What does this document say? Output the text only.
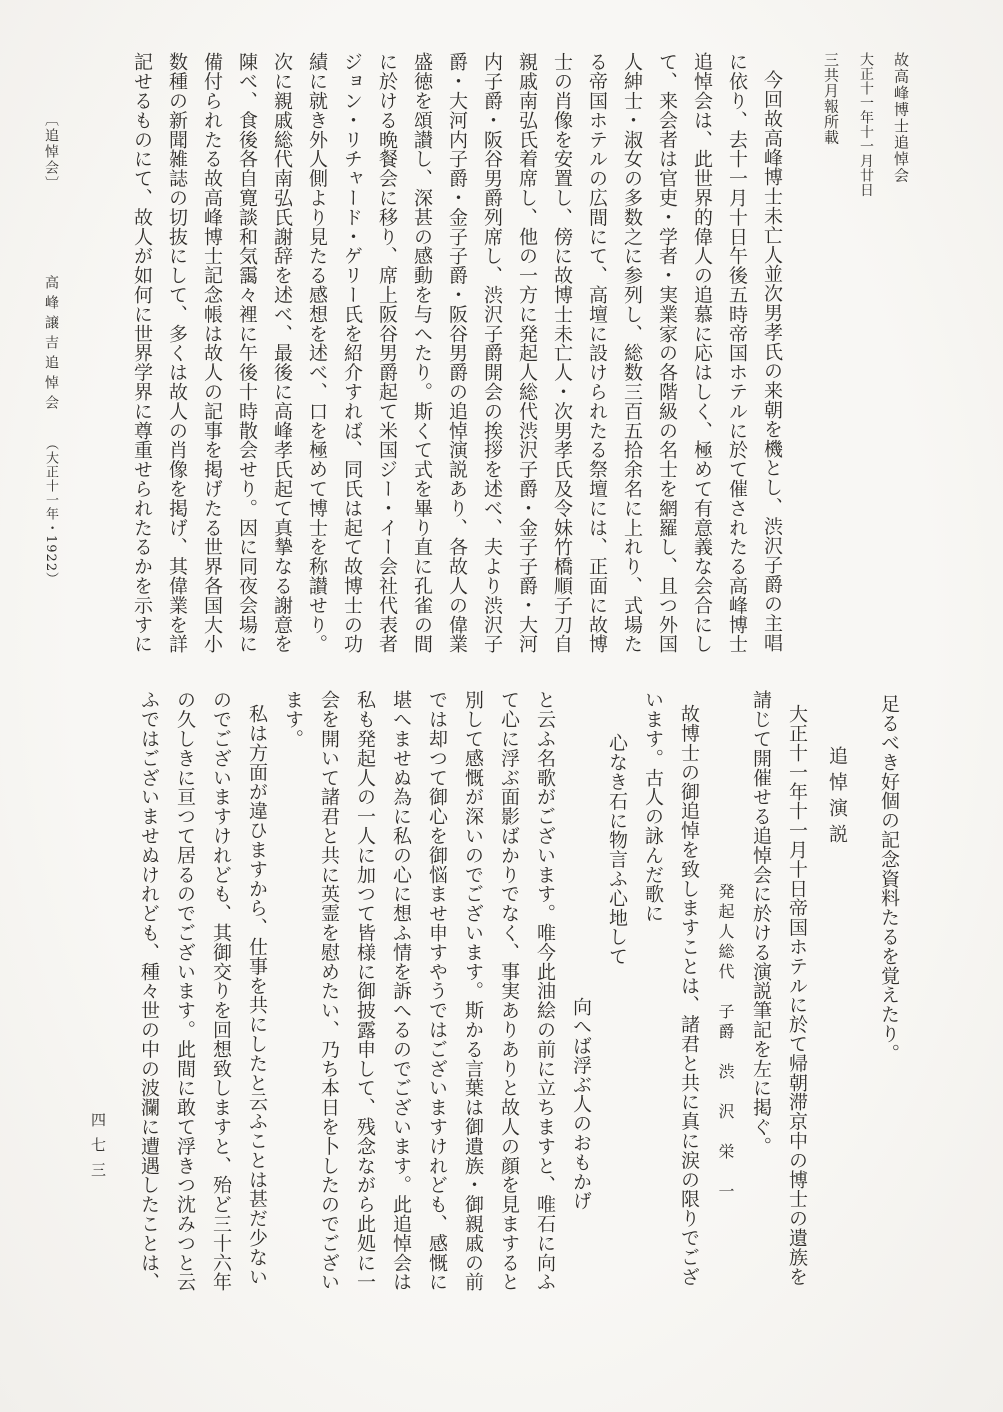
故高峰博士追悼会
大正十一年十一月廿日
三共月報所載
今回故高峰博士未亡人並次男孝氏の来朝を機とし、渋沢子爵の主唱
に依り、去十一月十日午後五時帝国ホテルに於て催されたる高峰博士
追悼会は、此世界的偉人の追慕に応はしく、極めて有意義な会合にし
て、来会者は官吏・学者・実業家の各階級の名士を網羅し、且つ外国
人紳士・淑女の多数之に参列し、総数三百五拾余名に上れり、式場た
る帝国ホテルの広間にて、高壇に設けられたる祭壇には、正面に故博
士の肖像を安置し、傍に故博士未亡人・次男孝氏及令妹竹橋順子刀自
親戚南弘氏着席し、他の一方に発起人総代渋沢子爵・金子子爵・大河
内子爵・阪谷男爵列席し、渋沢子爵開会の挨拶を述べ、夫より渋沢子
爵・大河内子爵・金子子爵・阪谷男爵の追悼演説あり、各故人の偉業
盛徳を頌讃し、深甚の感動を与へたり。斯くて式を畢り直に孔雀の間
に於ける晩餐会に移り、席上阪谷男爵起て米国ジー・イー会社代表者
ジョン・リチャード・ゲリー氏を紹介すれば、同氏は起て故博士の功
績に就き外人側より見たる感想を述べ、口を極めて博士を称讃せり。
次に親戚総代南弘氏謝辞を述べ、最後に高峰孝氏起て真摯なる謝意を
陳べ、食後各自寛談和気靄々裡に午後十時散会せり。因に同夜会場に
備付られたる故高峰博士記念帳は故人の記事を掲げたる世界各国大小
数種の新聞雑誌の切抜にして、多くは故人の肖像を掲げ、其偉業を詳
記せるものにて、故人が如何に世界学界に尊重せられたるかを示すに
足るべき好個の記念資料たるを覚えたり。
追悼演説
大正十一年十一月十日帝国ホテルに於て帰朝滞京中の博士の遺族を
請じて開催せる追悼会に於ける演説筆記を左に掲ぐ。
発起人総代　子爵　渋　沢　栄　一
故博士の御追悼を致しますことは、諸君と共に真に涙の限りでござ
います。古人の詠んだ歌に
心なき石に物言ふ心地して
向へば浮ぶ人のおもかげ
と云ふ名歌がございます。唯今此油絵の前に立ちますと、唯石に向ふ
て心に浮ぶ面影ばかりでなく、事実ありありと故人の顔を見ますると
別して感慨が深いのでございます。斯かる言葉は御遺族・御親戚の前
では却つて御心を御悩ませ申すやうではございますけれども、感慨に
堪へませぬ為に私の心に想ふ情を訴へるのでございます。此追悼会は
私も発起人の一人に加つて皆様に御披露申して、残念ながら此処に一
会を開いて諸君と共に英霊を慰めたい、乃ち本日を卜したのでござい
ます。
私は方面が違ひますから、仕事を共にしたと云ふことは甚だ少ない
のでございますけれども、其御交りを回想致しますと、殆ど三十六年
の久しきに亘つて居るのでございます。此間に敢て浮きつ沈みつと云
ふではございませぬけれども、種々世の中の波瀾に遭遇したことは、
〔追悼会〕
高峰譲吉追悼会
（大正十一年・1922）
四七三
